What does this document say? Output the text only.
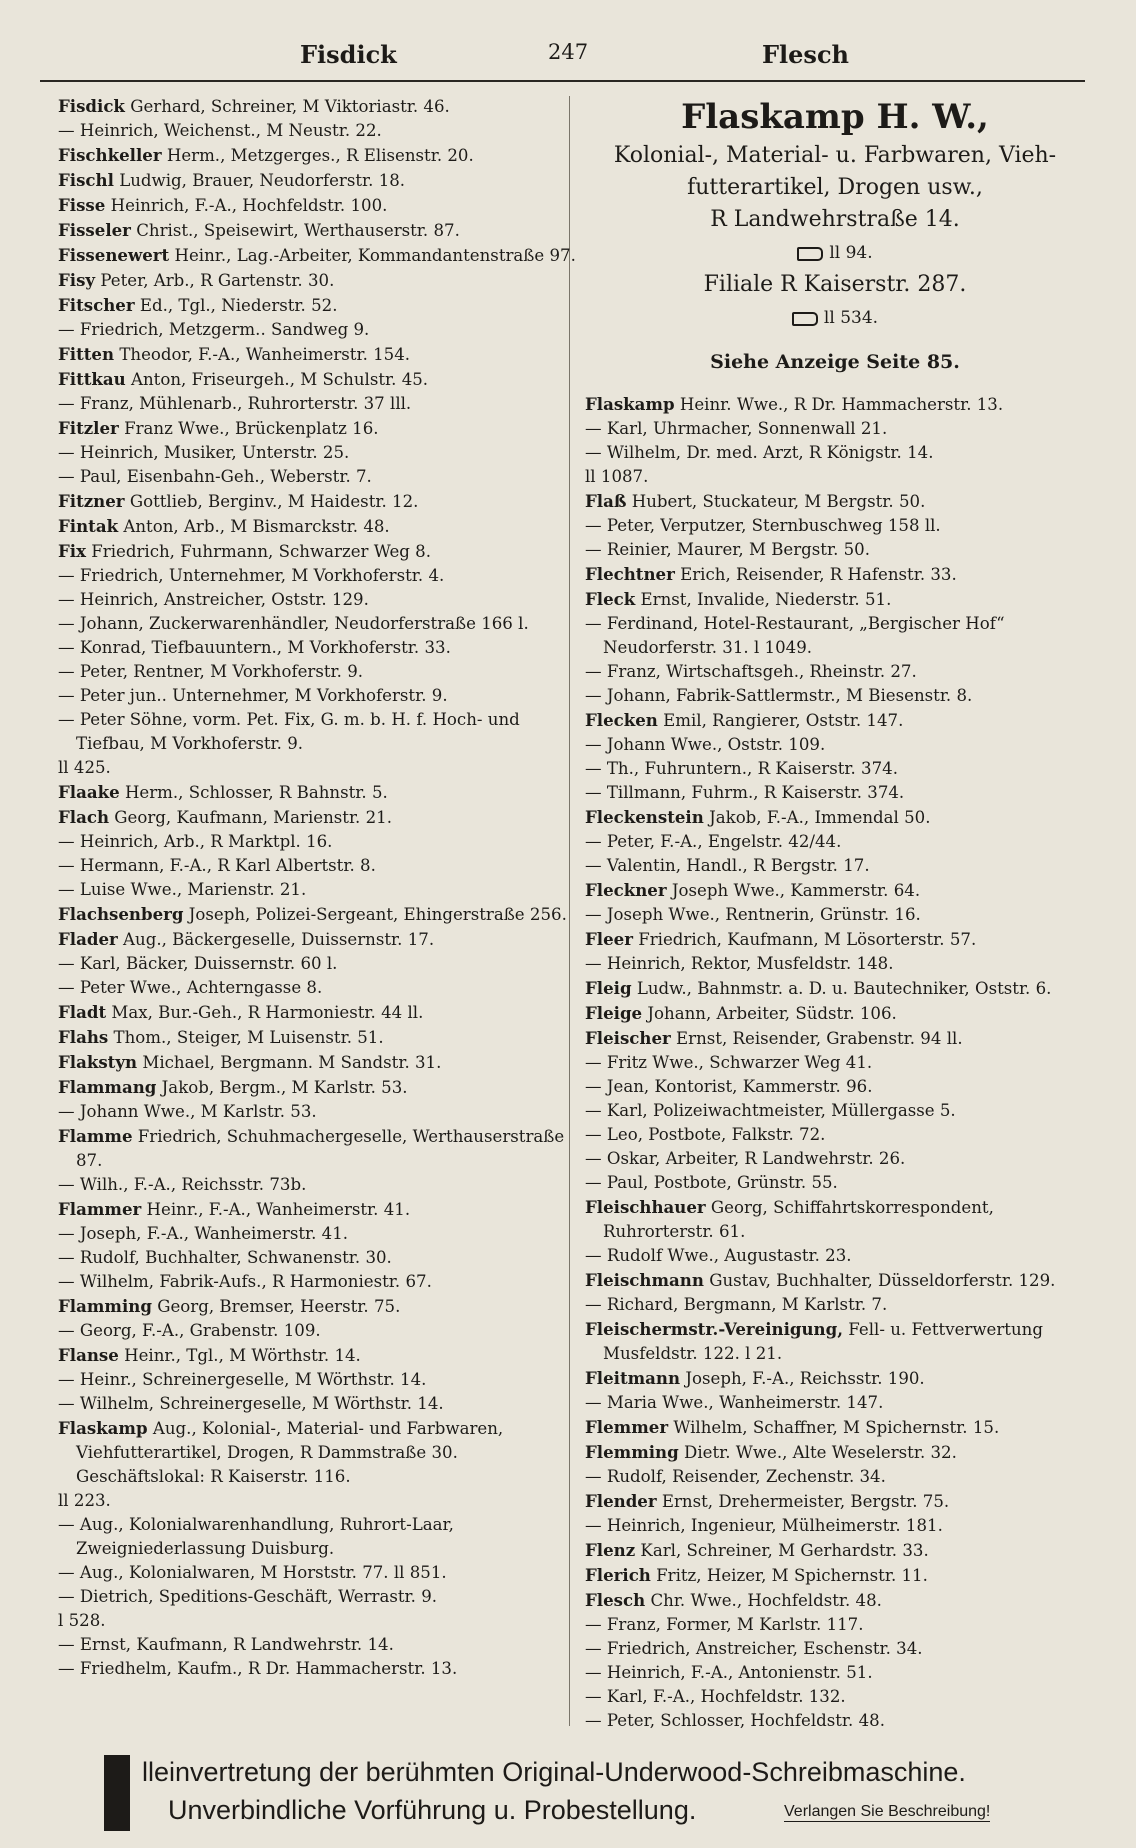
Fisdick	247	Flesch

Fisdick Gerhard, Schreiner, M Viktoriastr. 46.

— Heinrich, Weichenst., M Neustr. 22.

Fischkeller Herm., Metzgerges., R Elisenstr. 20.

Fischl Ludwig, Brauer, Neudorferstr. 18.

Fisse Heinrich, F.-A., Hochfeldstr. 100.

Fisseler Christ., Speisewirt, Werthauserstr. 87.

Fissenewert Heinr., Lag.-Arbeiter, Kommandantenstraße 97.

Fisy Peter, Arb., R Gartenstr. 30.

Fitscher Ed., Tgl., Niederstr. 52.

— Friedrich, Metzgerm.. Sandweg 9.

Fitten Theodor, F.-A., Wanheimerstr. 154.

Fittkau Anton, Friseurgeh., M Schulstr. 45.

— Franz, Mühlenarb., Ruhrorterstr. 37 lll.

Fitzler Franz Wwe., Brückenplatz 16.

— Heinrich, Musiker, Unterstr. 25.

— Paul, Eisenbahn-Geh., Weberstr. 7.

Fitzner Gottlieb, Berginv., M Haidestr. 12.

Fintak Anton, Arb., M Bismarckstr. 48.

Fix Friedrich, Fuhrmann, Schwarzer Weg 8.

— Friedrich, Unternehmer, M Vorkhoferstr. 4.

— Heinrich, Anstreicher, Oststr. 129.

— Johann, Zuckerwarenhändler, Neudorferstraße 166 l.

— Konrad, Tiefbauuntern., M Vorkhoferstr. 33.

— Peter, Rentner, M Vorkhoferstr. 9.

— Peter jun.. Unternehmer, M Vorkhoferstr. 9.

— Peter Söhne, vorm. Pet. Fix, G. m. b. H. f. Hoch- und Tiefbau, M Vorkhoferstr. 9.

ll 425.

Flaake Herm., Schlosser, R Bahnstr. 5.

Flach Georg, Kaufmann, Marienstr. 21.

— Heinrich, Arb., R Marktpl. 16.

— Hermann, F.-A., R Karl Albertstr. 8.

— Luise Wwe., Marienstr. 21.

Flachsenberg Joseph, Polizei-Sergeant, Ehingerstraße 256.

Flader Aug., Bäckergeselle, Duissernstr. 17.

— Karl, Bäcker, Duissernstr. 60 l.

— Peter Wwe., Achterngasse 8.

Fladt Max, Bur.-Geh., R Harmoniestr. 44 ll.

Flahs Thom., Steiger, M Luisenstr. 51.

Flakstyn Michael, Bergmann. M Sandstr. 31.

Flammang Jakob, Bergm., M Karlstr. 53.

— Johann Wwe., M Karlstr. 53.

Flamme Friedrich, Schuhmachergeselle, Werthauserstraße 87.

— Wilh., F.-A., Reichsstr. 73b.

Flammer Heinr., F.-A., Wanheimerstr. 41.

— Joseph, F.-A., Wanheimerstr. 41.

— Rudolf, Buchhalter, Schwanenstr. 30.

— Wilhelm, Fabrik-Aufs., R Harmoniestr. 67.

Flamming Georg, Bremser, Heerstr. 75.

— Georg, F.-A., Grabenstr. 109.

Flanse Heinr., Tgl., M Wörthstr. 14.

— Heinr., Schreinergeselle, M Wörthstr. 14.

— Wilhelm, Schreinergeselle, M Wörthstr. 14.

Flaskamp Aug., Kolonial-, Material- und Farbwaren, Viehfutterartikel, Drogen, R Dammstraße 30. Geschäftslokal: R Kaiserstr. 116.

ll 223.

— Aug., Kolonialwarenhandlung, Ruhrort-Laar, Zweigniederlassung Duisburg.

— Aug., Kolonialwaren, M Horststr. 77. ll 851.

— Dietrich, Speditions-Geschäft, Werrastr. 9.

l 528.

— Ernst, Kaufmann, R Landwehrstr. 14.

— Friedhelm, Kaufm., R Dr. Hammacherstr. 13.

Flaskamp H. W.,
Kolonial-, Material- u. Farbwaren, Vieh-
futterartikel, Drogen usw.,
R Landwehrstraße 14.
ll 94.
Filiale R Kaiserstr. 287.
ll 534.
Siehe Anzeige Seite 85.

Flaskamp Heinr. Wwe., R Dr. Hammacherstr. 13.

— Karl, Uhrmacher, Sonnenwall 21.

— Wilhelm, Dr. med. Arzt, R Königstr. 14.

ll 1087.

Flaß Hubert, Stuckateur, M Bergstr. 50.

— Peter, Verputzer, Sternbuschweg 158 ll.

— Reinier, Maurer, M Bergstr. 50.

Flechtner Erich, Reisender, R Hafenstr. 33.

Fleck Ernst, Invalide, Niederstr. 51.

— Ferdinand, Hotel-Restaurant, „Bergischer Hof“ Neudorferstr. 31. l 1049.

— Franz, Wirtschaftsgeh., Rheinstr. 27.

— Johann, Fabrik-Sattlermstr., M Biesenstr. 8.

Flecken Emil, Rangierer, Oststr. 147.

— Johann Wwe., Oststr. 109.

— Th., Fuhruntern., R Kaiserstr. 374.

— Tillmann, Fuhrm., R Kaiserstr. 374.

Fleckenstein Jakob, F.-A., Immendal 50.

— Peter, F.-A., Engelstr. 42/44.

— Valentin, Handl., R Bergstr. 17.

Fleckner Joseph Wwe., Kammerstr. 64.

— Joseph Wwe., Rentnerin, Grünstr. 16.

Fleer Friedrich, Kaufmann, M Lösorterstr. 57.

— Heinrich, Rektor, Musfeldstr. 148.

Fleig Ludw., Bahnmstr. a. D. u. Bautechniker, Oststr. 6.

Fleige Johann, Arbeiter, Südstr. 106.

Fleischer Ernst, Reisender, Grabenstr. 94 ll.

— Fritz Wwe., Schwarzer Weg 41.

— Jean, Kontorist, Kammerstr. 96.

— Karl, Polizeiwachtmeister, Müllergasse 5.

— Leo, Postbote, Falkstr. 72.

— Oskar, Arbeiter, R Landwehrstr. 26.

— Paul, Postbote, Grünstr. 55.

Fleischhauer Georg, Schiffahrtskorrespondent, Ruhrorterstr. 61.

— Rudolf Wwe., Augustastr. 23.

Fleischmann Gustav, Buchhalter, Düsseldorferstr. 129.

— Richard, Bergmann, M Karlstr. 7.

Fleischermstr.-Vereinigung, Fell- u. Fettverwertung Musfeldstr. 122. l 21.

Fleitmann Joseph, F.-A., Reichsstr. 190.

— Maria Wwe., Wanheimerstr. 147.

Flemmer Wilhelm, Schaffner, M Spichernstr. 15.

Flemming Dietr. Wwe., Alte Weselerstr. 32.

— Rudolf, Reisender, Zechenstr. 34.

Flender Ernst, Drehermeister, Bergstr. 75.

— Heinrich, Ingenieur, Mülheimerstr. 181.

Flenz Karl, Schreiner, M Gerhardstr. 33.

Flerich Fritz, Heizer, M Spichernstr. 11.

Flesch Chr. Wwe., Hochfeldstr. 48.

— Franz, Former, M Karlstr. 117.

— Friedrich, Anstreicher, Eschenstr. 34.

— Heinrich, F.-A., Antonienstr. 51.

— Karl, F.-A., Hochfeldstr. 132.

— Peter, Schlosser, Hochfeldstr. 48.

lleinvertretung der berühmten Original-Underwood-Schreibmaschine.
Unverbindliche Vorführung u. Probestellung.	Verlangen Sie Beschreibung!
